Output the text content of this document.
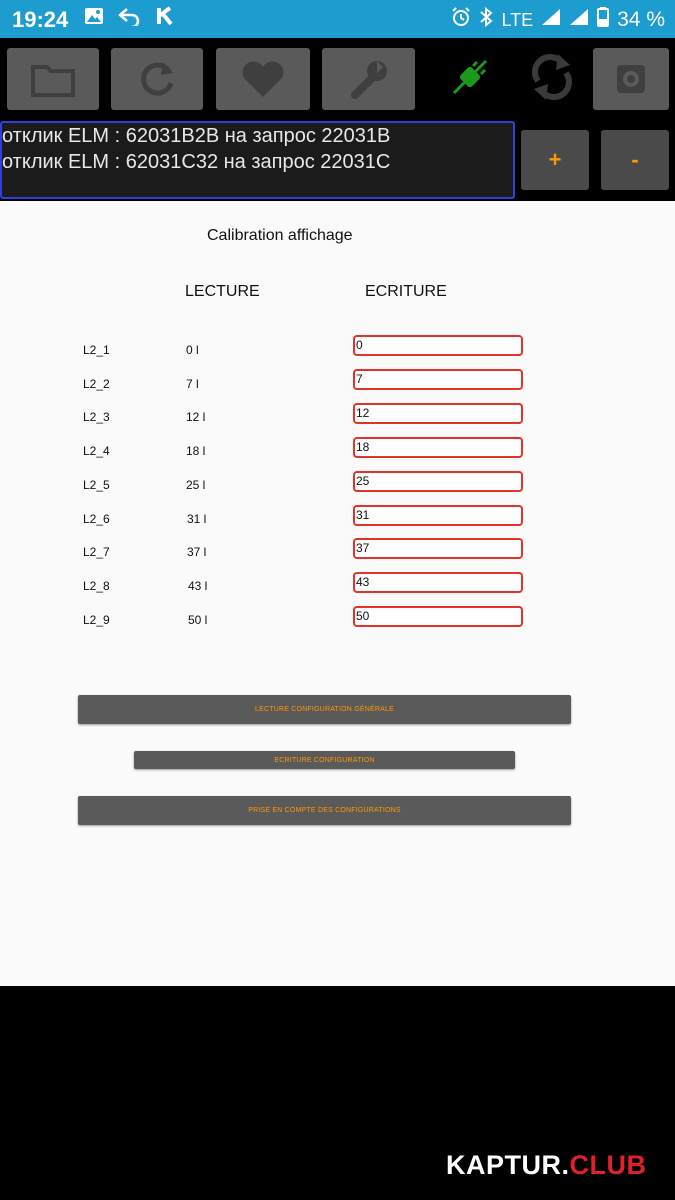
19:24	LTE	34 %
отклик ELM : 62031B2B на запрос 22031B
отклик ELM : 62031C32 на запрос 22031C	+	-
Calibration affichage
LECTURE	ECRITURE
L2_1	0 l	0
L2_2	7 l	7
L2_3	12 l	12
L2_4	18 l	18
L2_5	25 l	25
L2_6	31 l	31
L2_7	37 l	37
L2_8	43 l	43
L2_9	50 l	50
LECTURE CONFIGURATION GÉNÉRALE
ECRITURE CONFIGURATION
PRISE EN COMPTE DES CONFIGURATIONS
KAPTUR.CLUB
